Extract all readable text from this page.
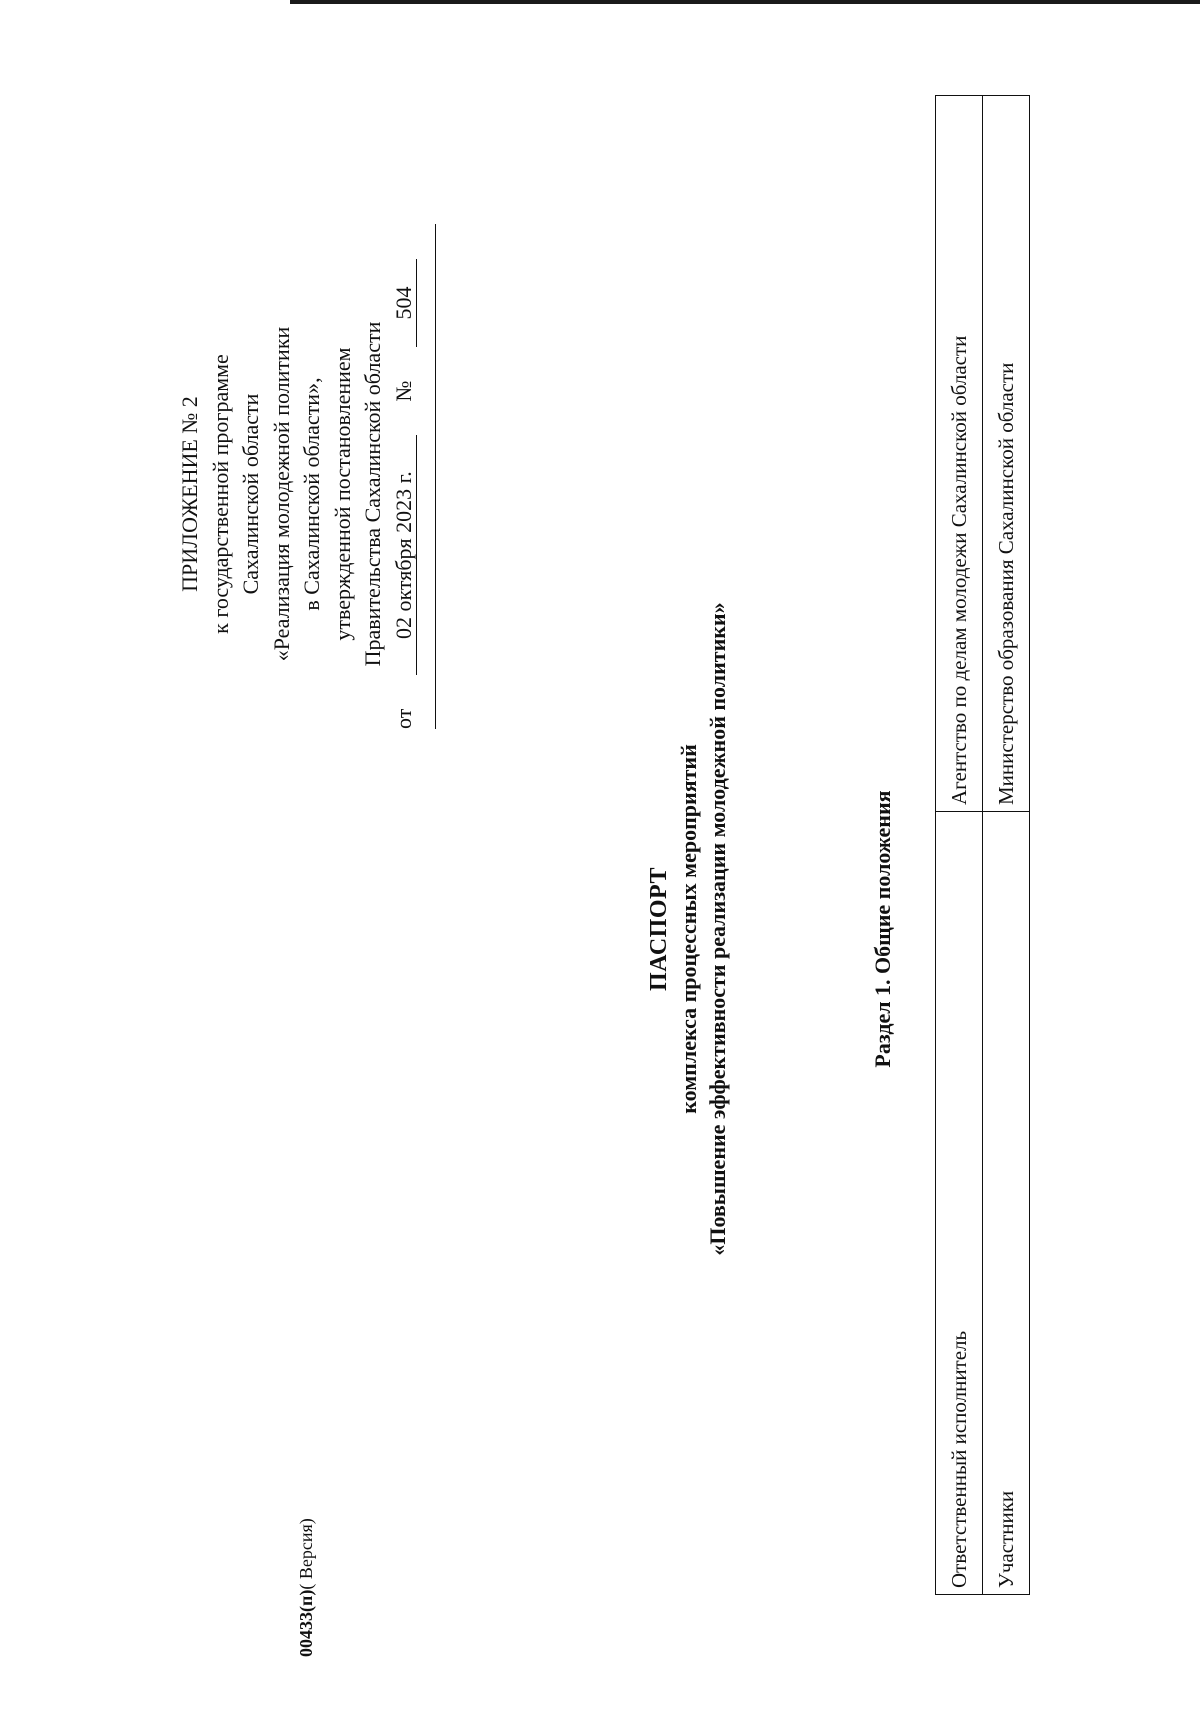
ПРИЛОЖЕНИЕ № 2 к государственной программе Сахалинской области «Реализация молодежной политики в Сахалинской области», утвержденной постановлением Правительства Сахалинской области
от
02 октября 2023 г.
№
504
ПАСПОРТ комплекса процессных мероприятий «Повышение эффективности реализации молодежной политики»	Раздел 1. Общие положения
Ответственный исполнитель	Агентство по делам молодежи Сахалинской области
Участники	Министерство образования Сахалинской области
00433(п)( Версия)
